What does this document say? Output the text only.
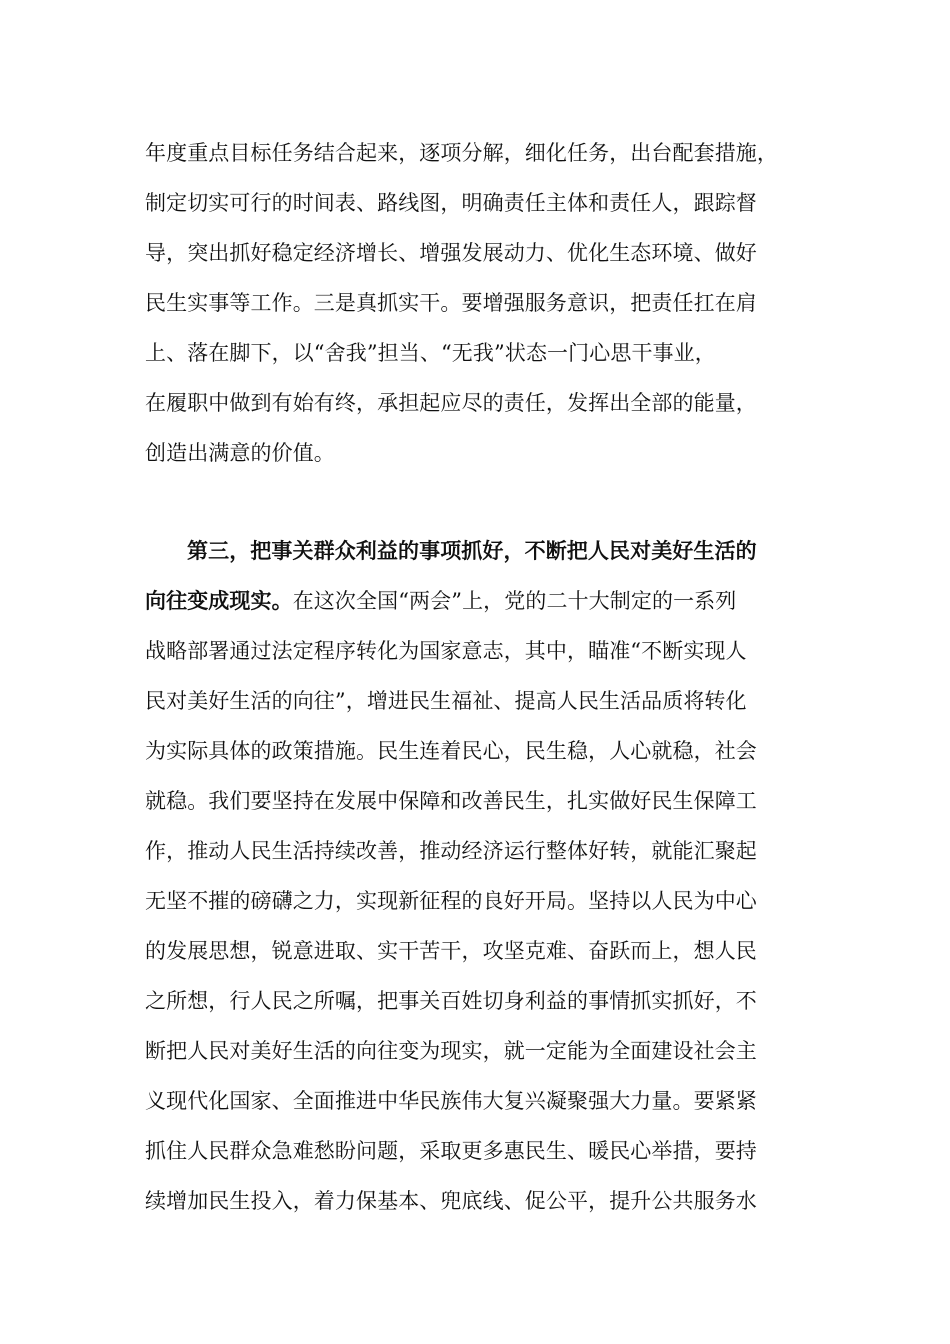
年度重点目标任务结合起来，逐项分解，细化任务，出台配套措施，
制定切实可行的时间表、路线图，明确责任主体和责任人，跟踪督
导，突出抓好稳定经济增长、增强发展动力、优化生态环境、做好
民生实事等工作。三是真抓实干。要增强服务意识，把责任扛在肩
上、落在脚下，以“舍我”担当、“无我”状态一门心思干事业，
在履职中做到有始有终，承担起应尽的责任，发挥出全部的能量，
创造出满意的价值。
第三，把事关群众利益的事项抓好，不断把人民对美好生活的
向往变成现实。在这次全国“两会”上，党的二十大制定的一系列
战略部署通过法定程序转化为国家意志，其中，瞄准“不断实现人
民对美好生活的向往”，增进民生福祉、提高人民生活品质将转化
为实际具体的政策措施。民生连着民心，民生稳，人心就稳，社会
就稳。我们要坚持在发展中保障和改善民生，扎实做好民生保障工
作，推动人民生活持续改善，推动经济运行整体好转，就能汇聚起
无坚不摧的磅礴之力，实现新征程的良好开局。坚持以人民为中心
的发展思想，锐意进取、实干苦干，攻坚克难、奋跃而上，想人民
之所想，行人民之所嘱，把事关百姓切身利益的事情抓实抓好，不
断把人民对美好生活的向往变为现实，就一定能为全面建设社会主
义现代化国家、全面推进中华民族伟大复兴凝聚强大力量。要紧紧
抓住人民群众急难愁盼问题，采取更多惠民生、暖民心举措，要持
续增加民生投入，着力保基本、兜底线、促公平，提升公共服务水
